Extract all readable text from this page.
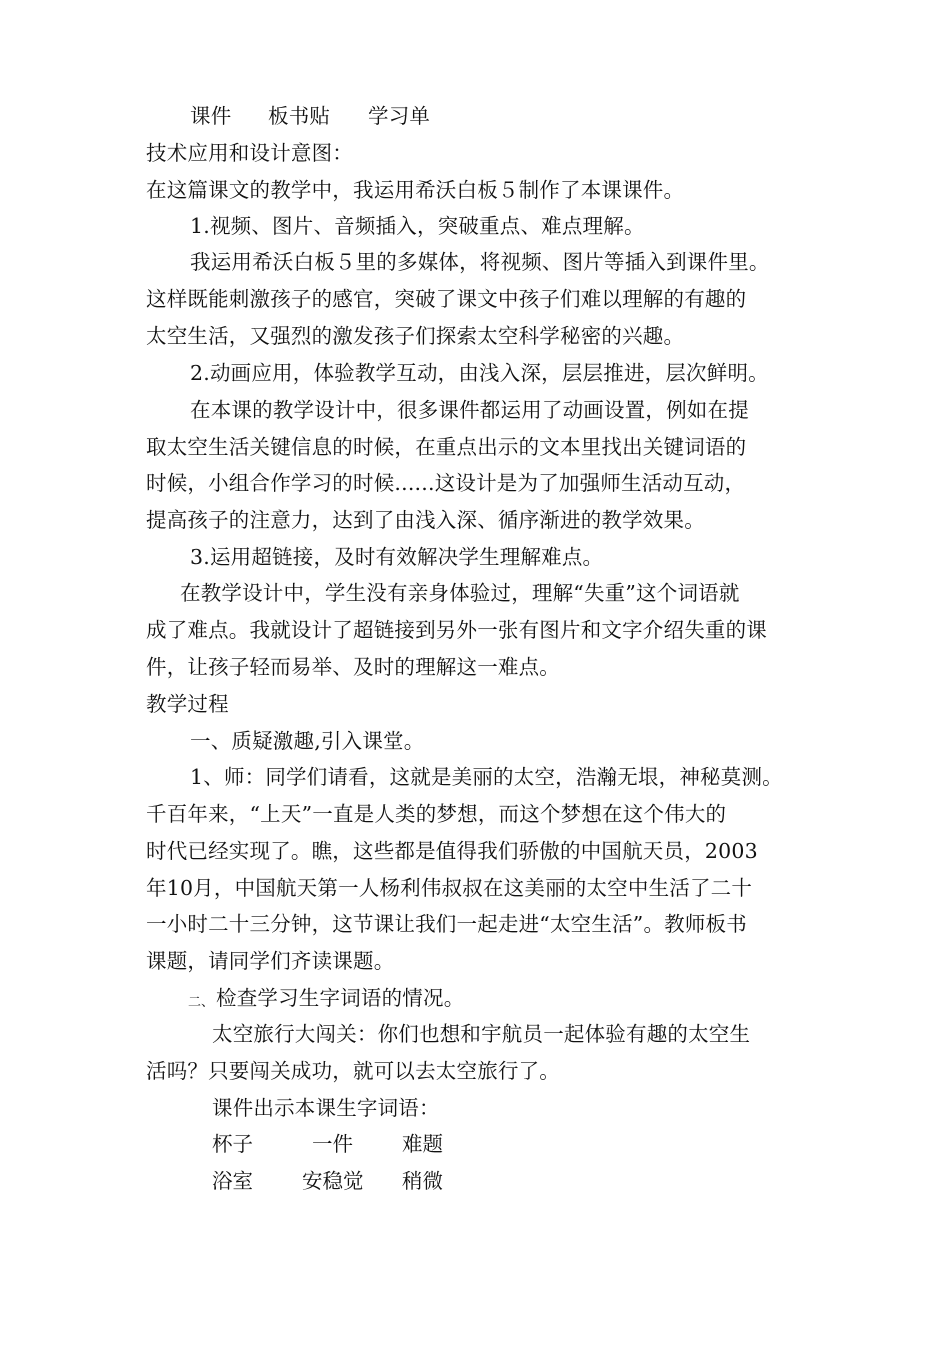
课件 板书贴 学习单
技术应用和设计意图：
在这篇课文的教学中，我运用希沃白板５制作了本课课件。
1.视频、图片、音频插入，突破重点、难点理解。
我运用希沃白板５里的多媒体，将视频、图片等插入到课件里。
这样既能刺激孩子的感官，突破了课文中孩子们难以理解的有趣的
太空生活，又强烈的激发孩子们探索太空科学秘密的兴趣。
2.动画应用，体验教学互动，由浅入深，层层推进，层次鲜明。
在本课的教学设计中，很多课件都运用了动画设置，例如在提
取太空生活关键信息的时候，在重点出示的文本里找出关键词语的
时候，小组合作学习的时候......这设计是为了加强师生活动互动，
提高孩子的注意力，达到了由浅入深、循序渐进的教学效果。
3.运用超链接，及时有效解决学生理解难点。
在教学设计中，学生没有亲身体验过，理解“失重”这个词语就
成了难点。我就设计了超链接到另外一张有图片和文字介绍失重的课
件，让孩子轻而易举、及时的理解这一难点。
教学过程
一、质疑激趣,引入课堂。
1、师：同学们请看，这就是美丽的太空，浩瀚无垠，神秘莫测。
千百年来，“上天”一直是人类的梦想，而这个梦想在这个伟大的
时代已经实现了。瞧，这些都是值得我们骄傲的中国航天员，2003
年10月，中国航天第一人杨利伟叔叔在这美丽的太空中生活了二十
一小时二十三分钟，这节课让我们一起走进“太空生活”。教师板书
课题，请同学们齐读课题。
二、 检查学习生字词语的情况。
太空旅行大闯关：你们也想和宇航员一起体验有趣的太空生
活吗？只要闯关成功，就可以去太空旅行了。
课件出示本课生字词语：
杯子	一件 难题
浴室 安稳觉 稍微
